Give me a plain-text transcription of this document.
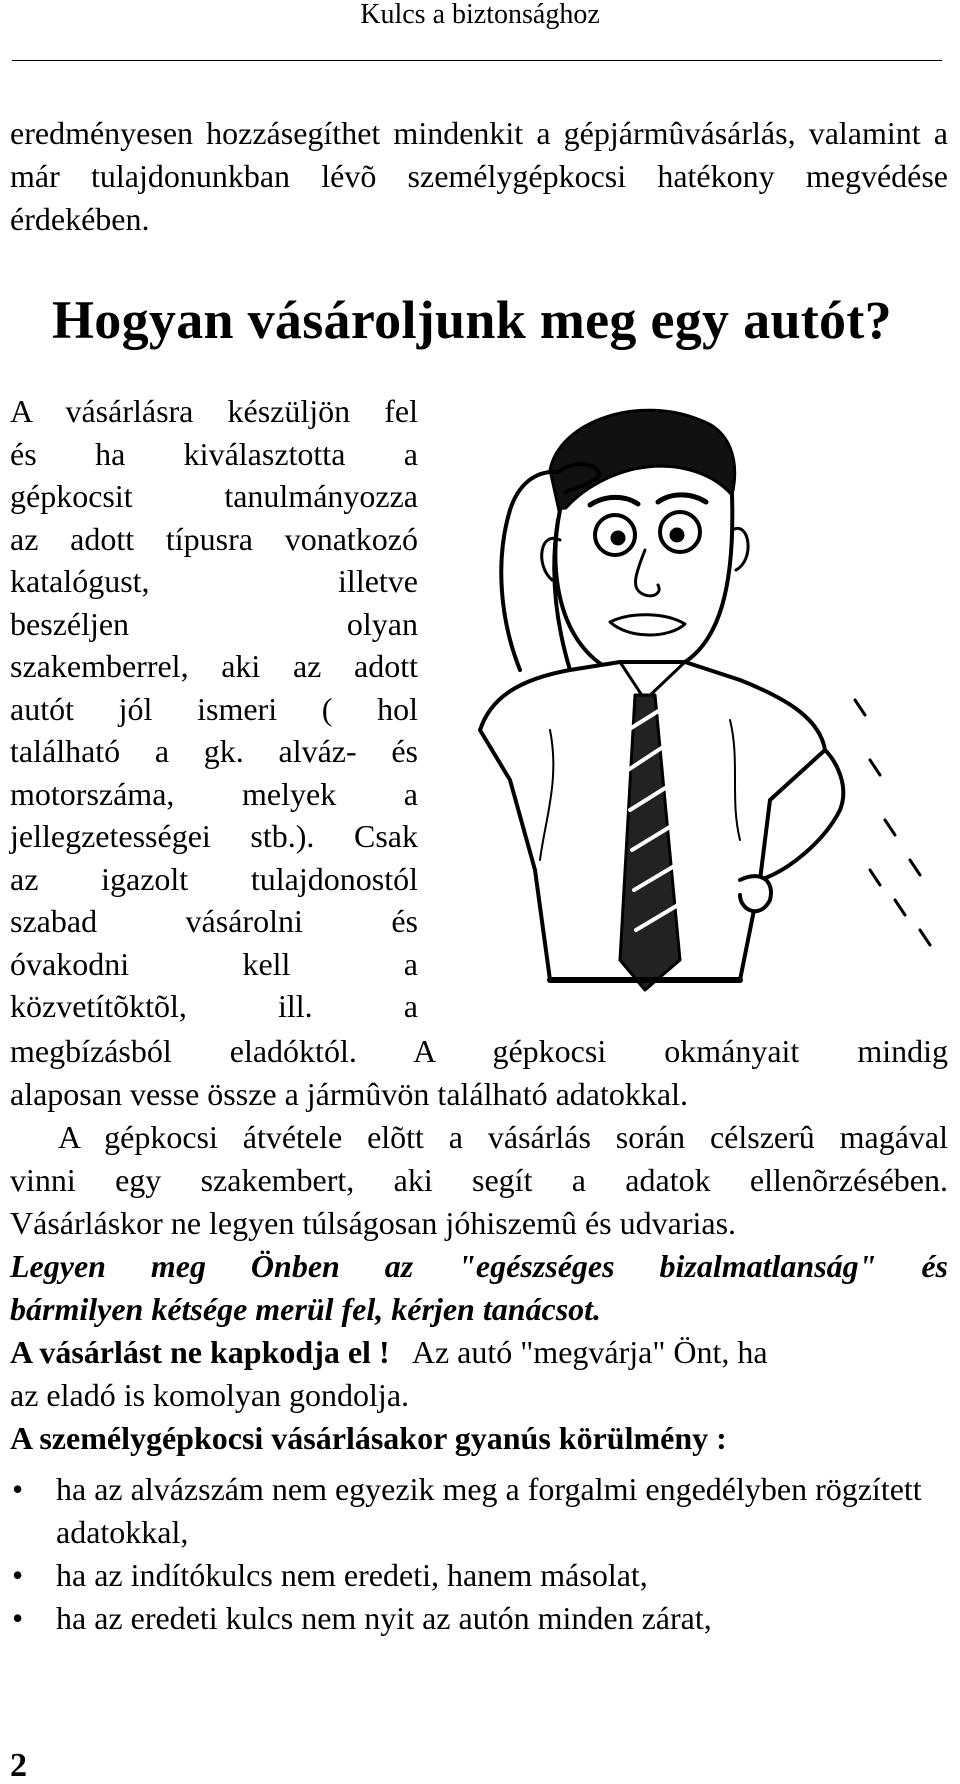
Kulcs a biztonsághoz
eredményesen hozzásegíthet mindenkit a gépjármûvásárlás, valamint a már tulajdonunkban lévõ személygépkocsi hatékony megvédése érdekében.
Hogyan vásároljunk meg egy autót?
A vásárlásra készüljön fel
és ha kiválasztotta a
gépkocsit tanulmányozza
az adott típusra vonatkozó
katalógust, illetve
beszéljen olyan
szakemberrel, aki az adott
autót jól ismeri ( hol
található a gk. alváz- és
motorszáma, melyek a
jellegzetességei stb.). Csak
az igazolt tulajdonostól
szabad vásárolni és
óvakodni kell a
közvetítõktõl, ill. a
megbízásból eladóktól. A gépkocsi okmányait mindig
alaposan vesse össze a jármûvön található adatokkal.
A gépkocsi átvétele elõtt a vásárlás során célszerû magával
vinni egy szakembert, aki segít a adatok ellenõrzésében.
Vásárláskor ne legyen túlságosan jóhiszemû és udvarias.
Legyen meg Önben az "egészséges bizalmatlanság" és
bármilyen kétsége merül fel, kérjen tanácsot.
A vásárlást ne kapkodja el !   Az autó "megvárja" Önt, ha
az eladó is komolyan gondolja.
A személygépkocsi vásárlásakor gyanús körülmény :
• ha az alvázszám nem egyezik meg a forgalmi engedélyben rögzített adatokkal,
• ha az indítókulcs nem eredeti, hanem másolat,
• ha az eredeti kulcs nem nyit az autón minden zárat,
2
